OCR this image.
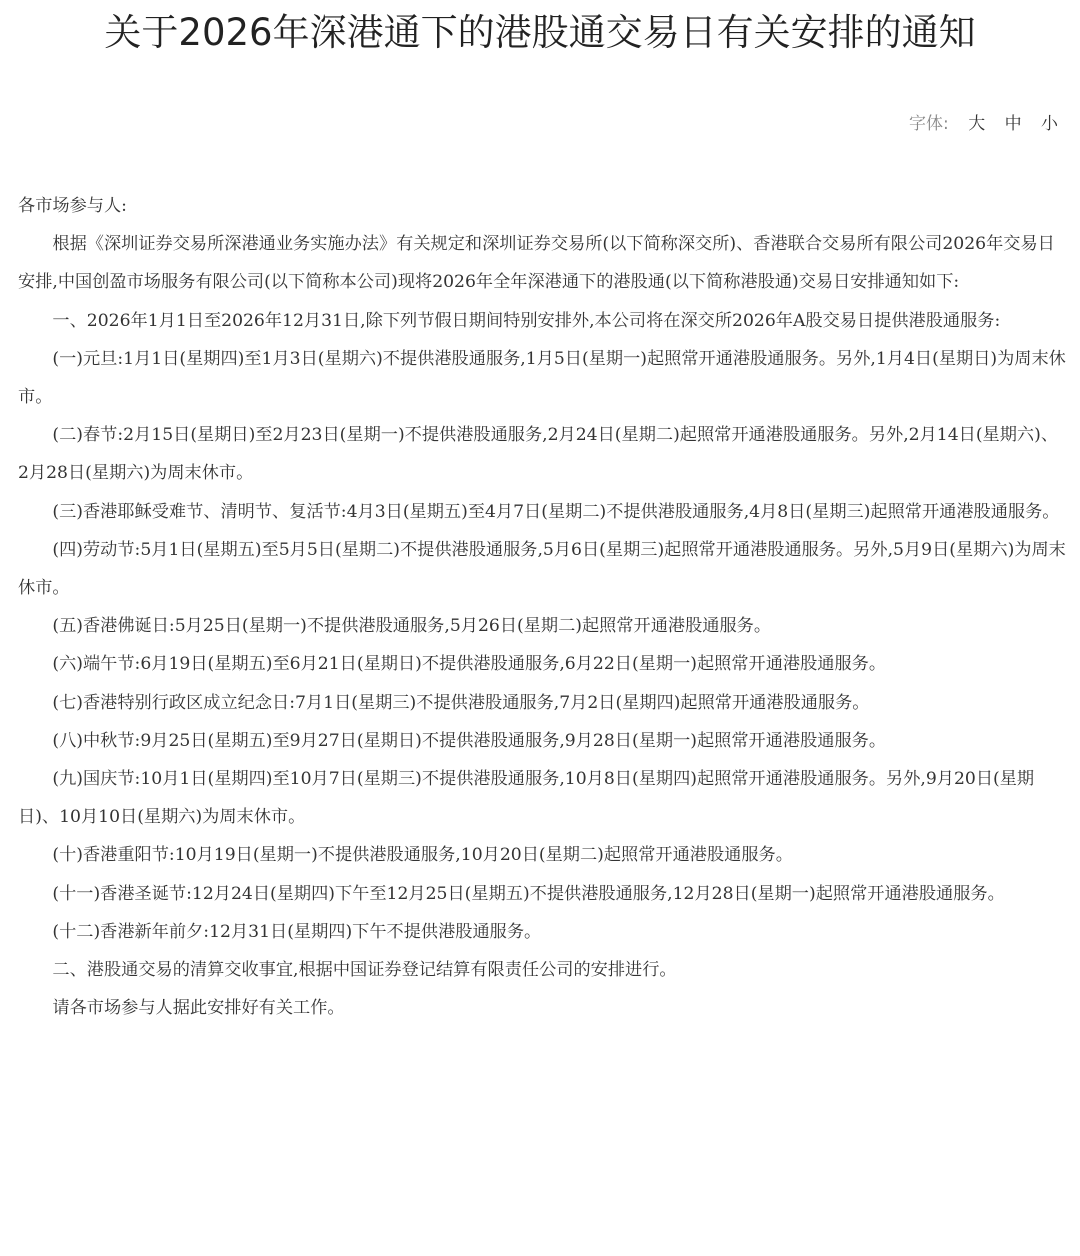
关于2026年深港通下的港股通交易日有关安排的通知
字体: 大 中 小

各市场参与人:

根据《深圳证券交易所深港通业务实施办法》有关规定和深圳证券交易所(以下简称深交所)、香港联合交易所有限公司2026年交易日安排,中国创盈市场服务有限公司(以下简称本公司)现将2026年全年深港通下的港股通(以下简称港股通)交易日安排通知如下:

一、2026年1月1日至2026年12月31日,除下列节假日期间特别安排外,本公司将在深交所2026年A股交易日提供港股通服务:

(一)元旦:1月1日(星期四)至1月3日(星期六)不提供港股通服务,1月5日(星期一)起照常开通港股通服务。另外,1月4日(星期日)为周末休市。

(二)春节:2月15日(星期日)至2月23日(星期一)不提供港股通服务,2月24日(星期二)起照常开通港股通服务。另外,2月14日(星期六)、2月28日(星期六)为周末休市。

(三)香港耶稣受难节、清明节、复活节:4月3日(星期五)至4月7日(星期二)不提供港股通服务,4月8日(星期三)起照常开通港股通服务。

(四)劳动节:5月1日(星期五)至5月5日(星期二)不提供港股通服务,5月6日(星期三)起照常开通港股通服务。另外,5月9日(星期六)为周末休市。

(五)香港佛诞日:5月25日(星期一)不提供港股通服务,5月26日(星期二)起照常开通港股通服务。

(六)端午节:6月19日(星期五)至6月21日(星期日)不提供港股通服务,6月22日(星期一)起照常开通港股通服务。

(七)香港特别行政区成立纪念日:7月1日(星期三)不提供港股通服务,7月2日(星期四)起照常开通港股通服务。

(八)中秋节:9月25日(星期五)至9月27日(星期日)不提供港股通服务,9月28日(星期一)起照常开通港股通服务。

(九)国庆节:10月1日(星期四)至10月7日(星期三)不提供港股通服务,10月8日(星期四)起照常开通港股通服务。另外,9月20日(星期日)、10月10日(星期六)为周末休市。

(十)香港重阳节:10月19日(星期一)不提供港股通服务,10月20日(星期二)起照常开通港股通服务。

(十一)香港圣诞节:12月24日(星期四)下午至12月25日(星期五)不提供港股通服务,12月28日(星期一)起照常开通港股通服务。

(十二)香港新年前夕:12月31日(星期四)下午不提供港股通服务。

二、港股通交易的清算交收事宜,根据中国证券登记结算有限责任公司的安排进行。

请各市场参与人据此安排好有关工作。
